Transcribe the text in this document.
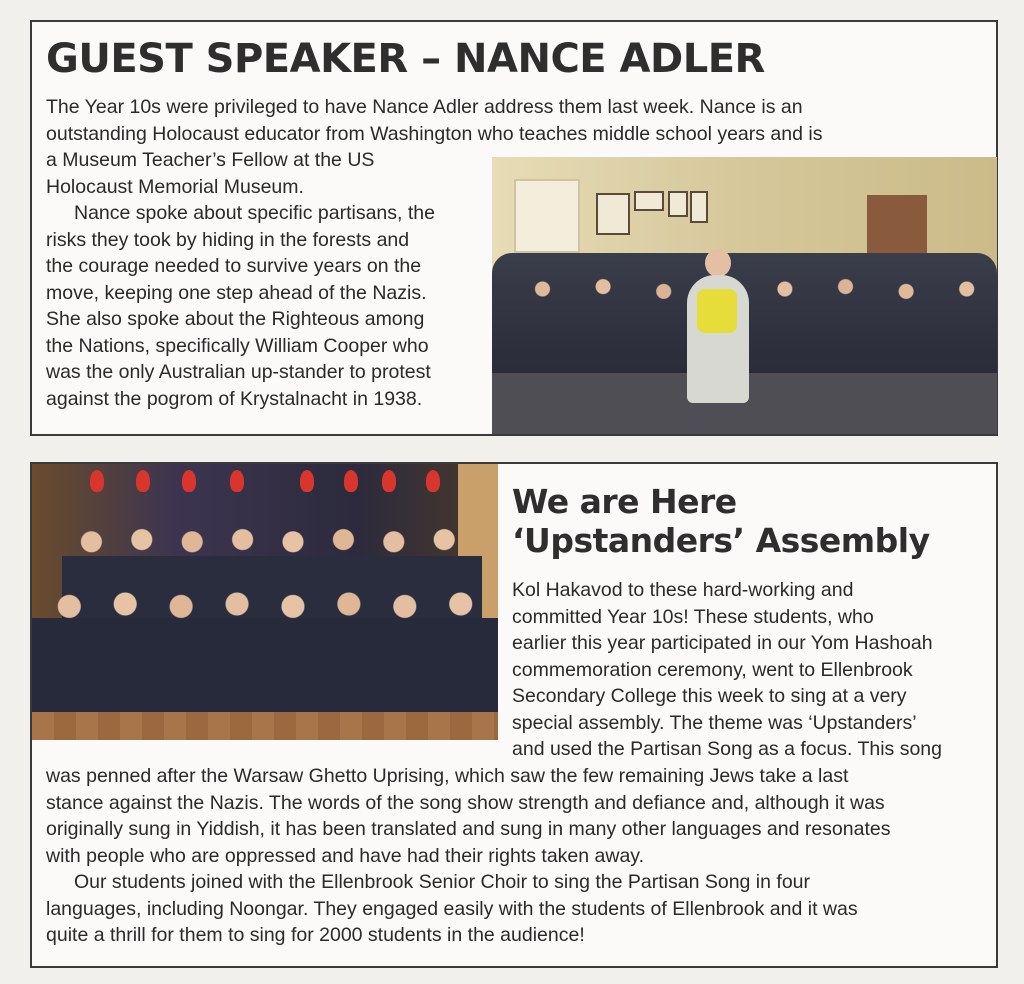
GUEST SPEAKER – NANCE ADLER

The Year 10s were privileged to have Nance Adler address them last week. Nance is an
outstanding Holocaust educator from Washington who teaches middle school years and is

a Museum Teacher’s Fellow at the US
Holocaust Memorial Museum.
Nance spoke about specific partisans, the
risks they took by hiding in the forests and
the courage needed to survive years on the
move, keeping one step ahead of the Nazis.
She also spoke about the Righteous among
the Nations, specifically William Cooper who
was the only Australian up-stander to protest
against the pogrom of Krystalnacht in 1938.

We are Here
‘Upstanders’ Assembly

Kol Hakavod to these hard-working and
committed Year 10s! These students, who
earlier this year participated in our Yom Hashoah
commemoration ceremony, went to Ellenbrook
Secondary College this week to sing at a very
special assembly. The theme was ‘Upstanders’
and used the Partisan Song as a focus. This song

was penned after the Warsaw Ghetto Uprising, which saw the few remaining Jews take a last
stance against the Nazis. The words of the song show strength and defiance and, although it was
originally sung in Yiddish, it has been translated and sung in many other languages and resonates
with people who are oppressed and have had their rights taken away.
Our students joined with the Ellenbrook Senior Choir to sing the Partisan Song in four
languages, including Noongar. They engaged easily with the students of Ellenbrook and it was
quite a thrill for them to sing for 2000 students in the audience!
